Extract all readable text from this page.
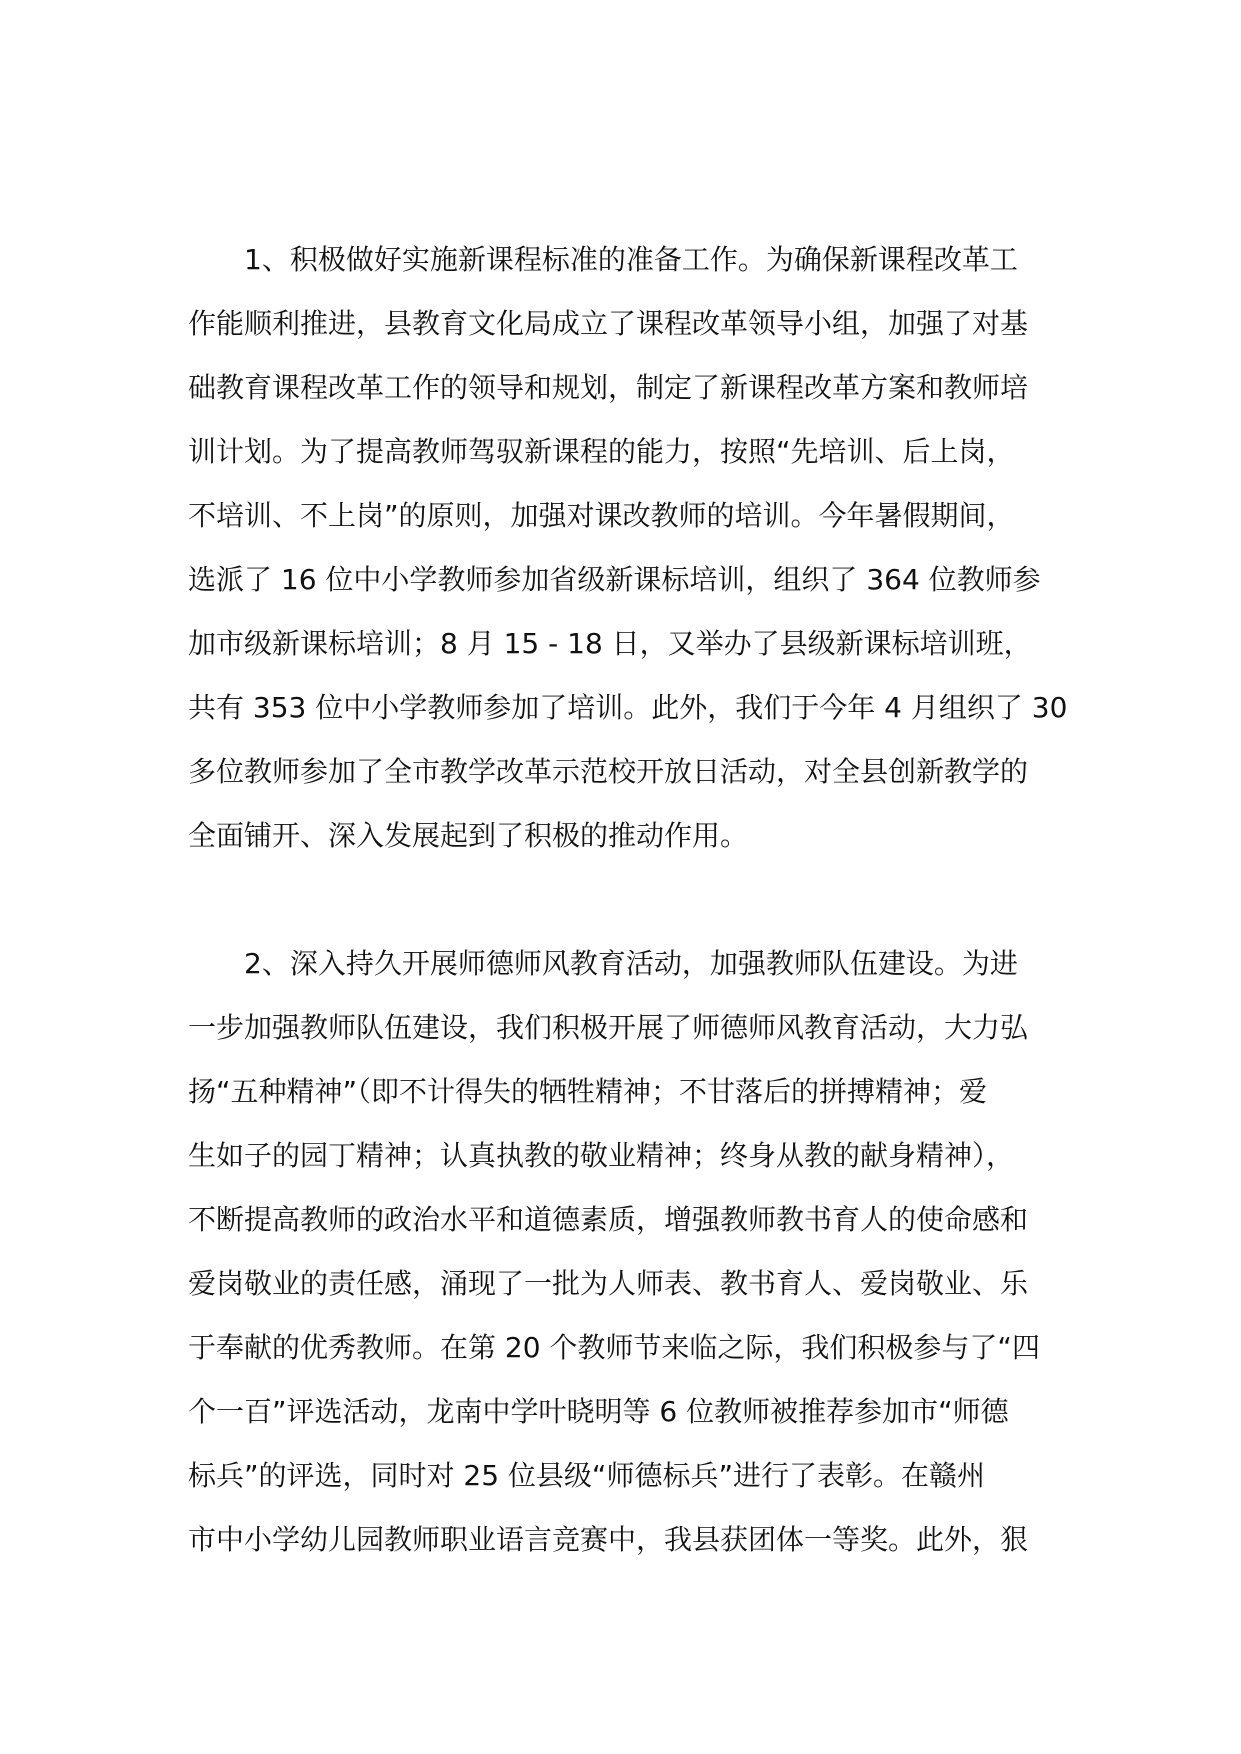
　　1、积极做好实施新课程标准的准备工作。为确保新课程改革工
作能顺利推进，县教育文化局成立了课程改革领导小组，加强了对基
础教育课程改革工作的领导和规划，制定了新课程改革方案和教师培
训计划。为了提高教师驾驭新课程的能力，按照“先培训、后上岗，
不培训、不上岗”的原则，加强对课改教师的培训。今年暑假期间，
选派了 16 位中小学教师参加省级新课标培训，组织了 364 位教师参
加市级新课标培训；8 月 15 - 18 日，又举办了县级新课标培训班，
共有 353 位中小学教师参加了培训。此外，我们于今年 4 月组织了 30
多位教师参加了全市教学改革示范校开放日活动，对全县创新教学的
全面铺开、深入发展起到了积极的推动作用。

　　2、深入持久开展师德师风教育活动，加强教师队伍建设。为进
一步加强教师队伍建设，我们积极开展了师德师风教育活动，大力弘
扬“五种精神”（即不计得失的牺牲精神；不甘落后的拼搏精神；爱
生如子的园丁精神；认真执教的敬业精神；终身从教的献身精神），
不断提高教师的政治水平和道德素质，增强教师教书育人的使命感和
爱岗敬业的责任感，涌现了一批为人师表、教书育人、爱岗敬业、乐
于奉献的优秀教师。在第 20 个教师节来临之际，我们积极参与了“四
个一百”评选活动，龙南中学叶晓明等 6 位教师被推荐参加市“师德
标兵”的评选，同时对 25 位县级“师德标兵”进行了表彰。在赣州
市中小学幼儿园教师职业语言竞赛中，我县获团体一等奖。此外，狠
